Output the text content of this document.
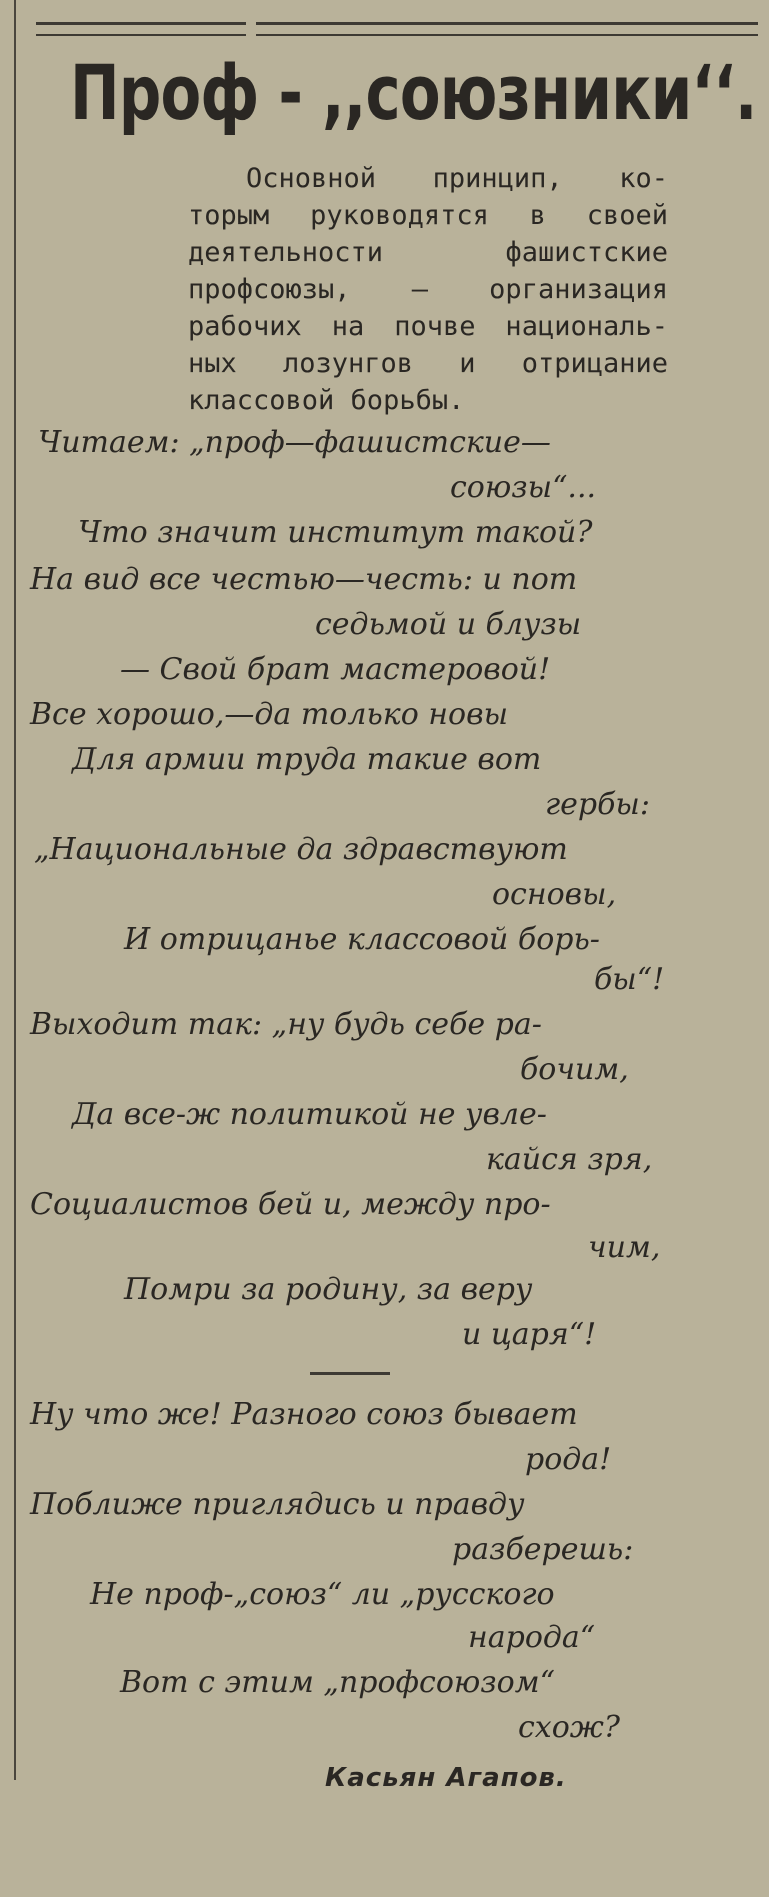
Проф - ,,союзники‘‘.
Основной принцип, ко-
торым руководятся в своей
деятельности фашистские
профсоюзы, — организация
рабочих на почве националь-
ных лозунгов и отрицание
классовой борьбы.
Читаем: „проф—фашистские—
союзы“...
Что значит институт такой?
На вид все честью—честь: и пот
седьмой и блузы
— Свой брат мастеровой!
Все хорошо,—да только новы
Для армии труда такие вот
гербы:
„Национальные да здравствуют
основы,
И отрицанье классовой борь-
бы“!
Выходит так: „ну будь себе ра-
бочим,
Да все-ж политикой не увле-
кайся зря,
Социалистов бей и, между про-
чим,
Помри за родину, за веру
и царя“!
Ну что же! Разного союз бывает
рода!
Поближе приглядись и правду
разберешь:
Не проф-„союз“ ли „русского
народа“
Вот с этим „профсоюзом“
схож?
Касьян Агапов.
